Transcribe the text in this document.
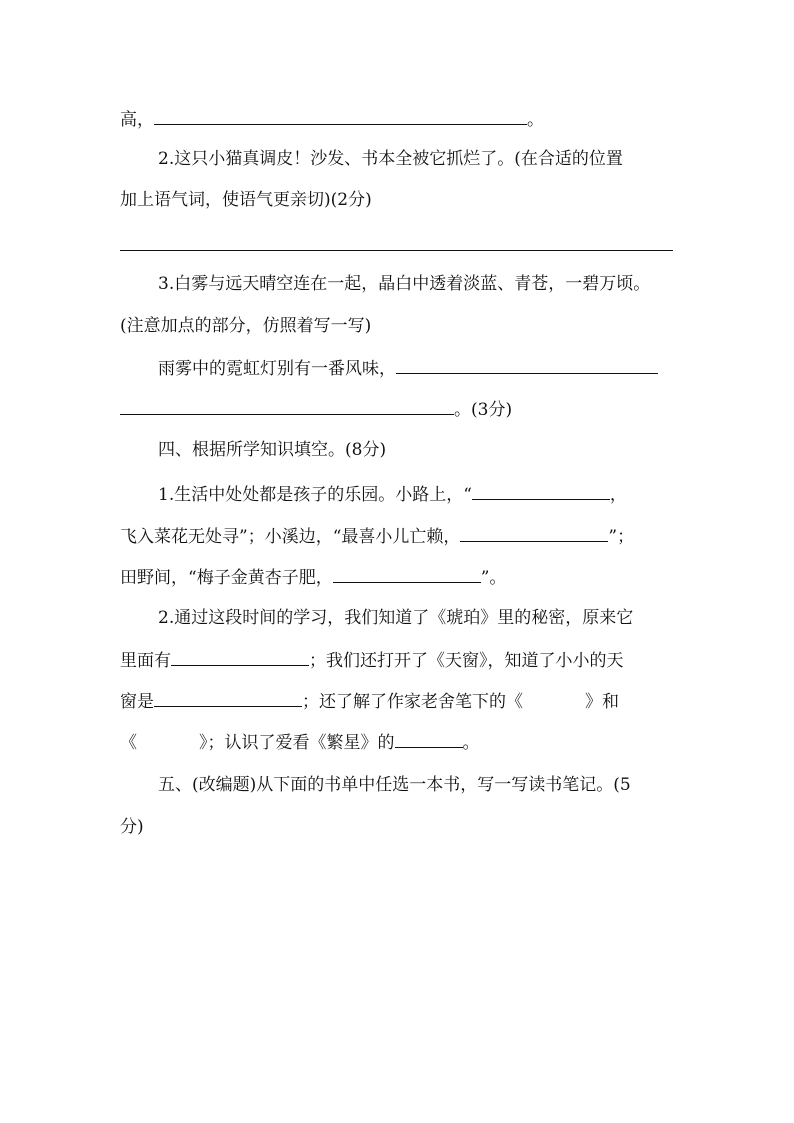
高，	。
2.这只小猫真调皮！沙发、书本全被它抓烂了。(在合适的位置
加上语气词，使语气更亲切)(2分)
3.白雾与远天晴空连在一起，晶白中透着淡蓝、青苍，一碧万顷。
(注意加点的部分，仿照着写一写)
雨雾中的霓虹灯别有一番风味，
。(3分)
四、根据所学知识填空。(8分)
1.生活中处处都是孩子的乐园。小路上，“	，
飞入菜花无处寻”；小溪边，“最喜小儿亡赖，	”；
田野间，“梅子金黄杏子肥，	”。
2.通过这段时间的学习，我们知道了《琥珀》里的秘密，原来它
里面有	；我们还打开了《天窗》，知道了小小的天
窗是	；还了解了作家老舍笔下的《	》和
《	》；认识了爱看《繁星》的	。
五、(改编题)从下面的书单中任选一本书，写一写读书笔记。(5
分)
